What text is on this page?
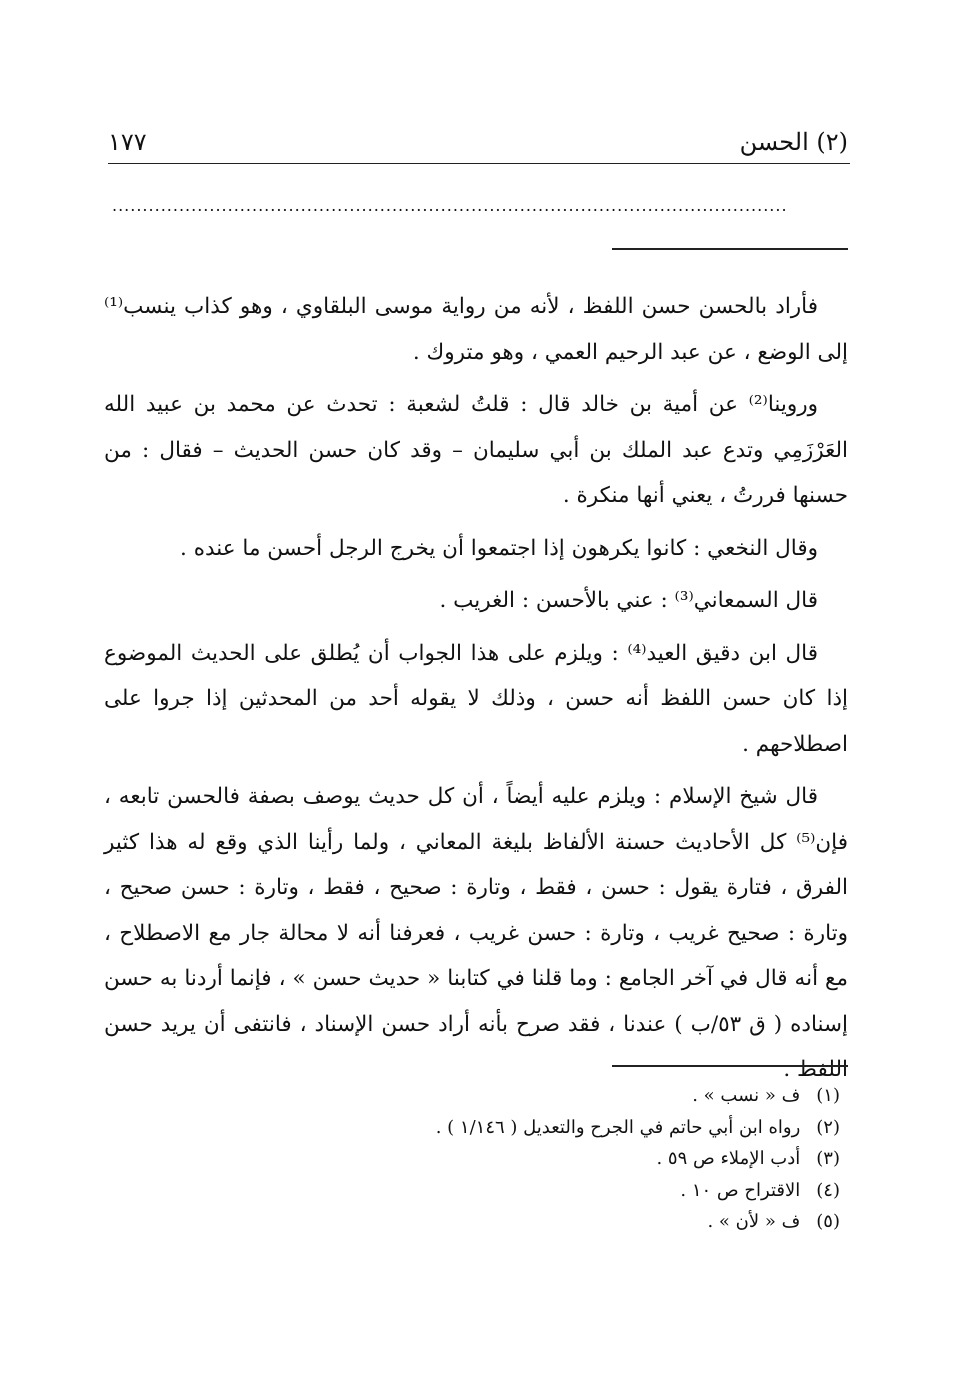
(٢) الحسن
١٧٧
...............................................................................................................

فأراد بالحسن حسن اللفظ ، لأنه من رواية موسى البلقاوي ، وهو كذاب ينسب⁽¹⁾ إلى الوضع ، عن عبد الرحيم العمي ، وهو متروك .

وروينا⁽²⁾ عن أمية بن خالد قال : قلتُ لشعبة : تحدث عن محمد بن عبيد الله العَرْزَمِي وتدع عبد الملك بن أبي سليمان – وقد كان حسن الحديث – فقال : من حسنها فررتُ ، يعني أنها منكرة .

وقال النخعي : كانوا يكرهون إذا اجتمعوا أن يخرج الرجل أحسن ما عنده .

قال السمعاني⁽³⁾ : عني بالأحسن : الغريب .

قال ابن دقيق العيد⁽⁴⁾ : ويلزم على هذا الجواب أن يُطلق على الحديث الموضوع إذا كان حسن اللفظ أنه حسن ، وذلك لا يقوله أحد من المحدثين إذا جروا على اصطلاحهم .

قال شيخ الإسلام : ويلزم عليه أيضاً ، أن كل حديث يوصف بصفة فالحسن تابعه ، فإن⁽⁵⁾ كل الأحاديث حسنة الألفاظ بليغة المعاني ، ولما رأينا الذي وقع له هذا كثير الفرق ، فتارة يقول : حسن ، فقط ، وتارة : صحيح ، فقط ، وتارة : حسن صحيح ، وتارة : صحيح غريب ، وتارة : حسن غريب ، فعرفنا أنه لا محالة جار مع الاصطلاح ، مع أنه قال في آخر الجامع : وما قلنا في كتابنا « حديث حسن » ، فإنما أردنا به حسن إسناده ( ق ٥٣/ب ) عندنا ، فقد صرح بأنه أراد حسن الإسناد ، فانتفى أن يريد حسن اللفظ .

(١) ف « نسب » .
(٢) رواه ابن أبي حاتم في الجرح والتعديل ( ١/١٤٦ ) .
(٣) أدب الإملاء ص ٥٩ .
(٤) الاقتراح ص ١٠ .
(٥) ف « لأن » .
